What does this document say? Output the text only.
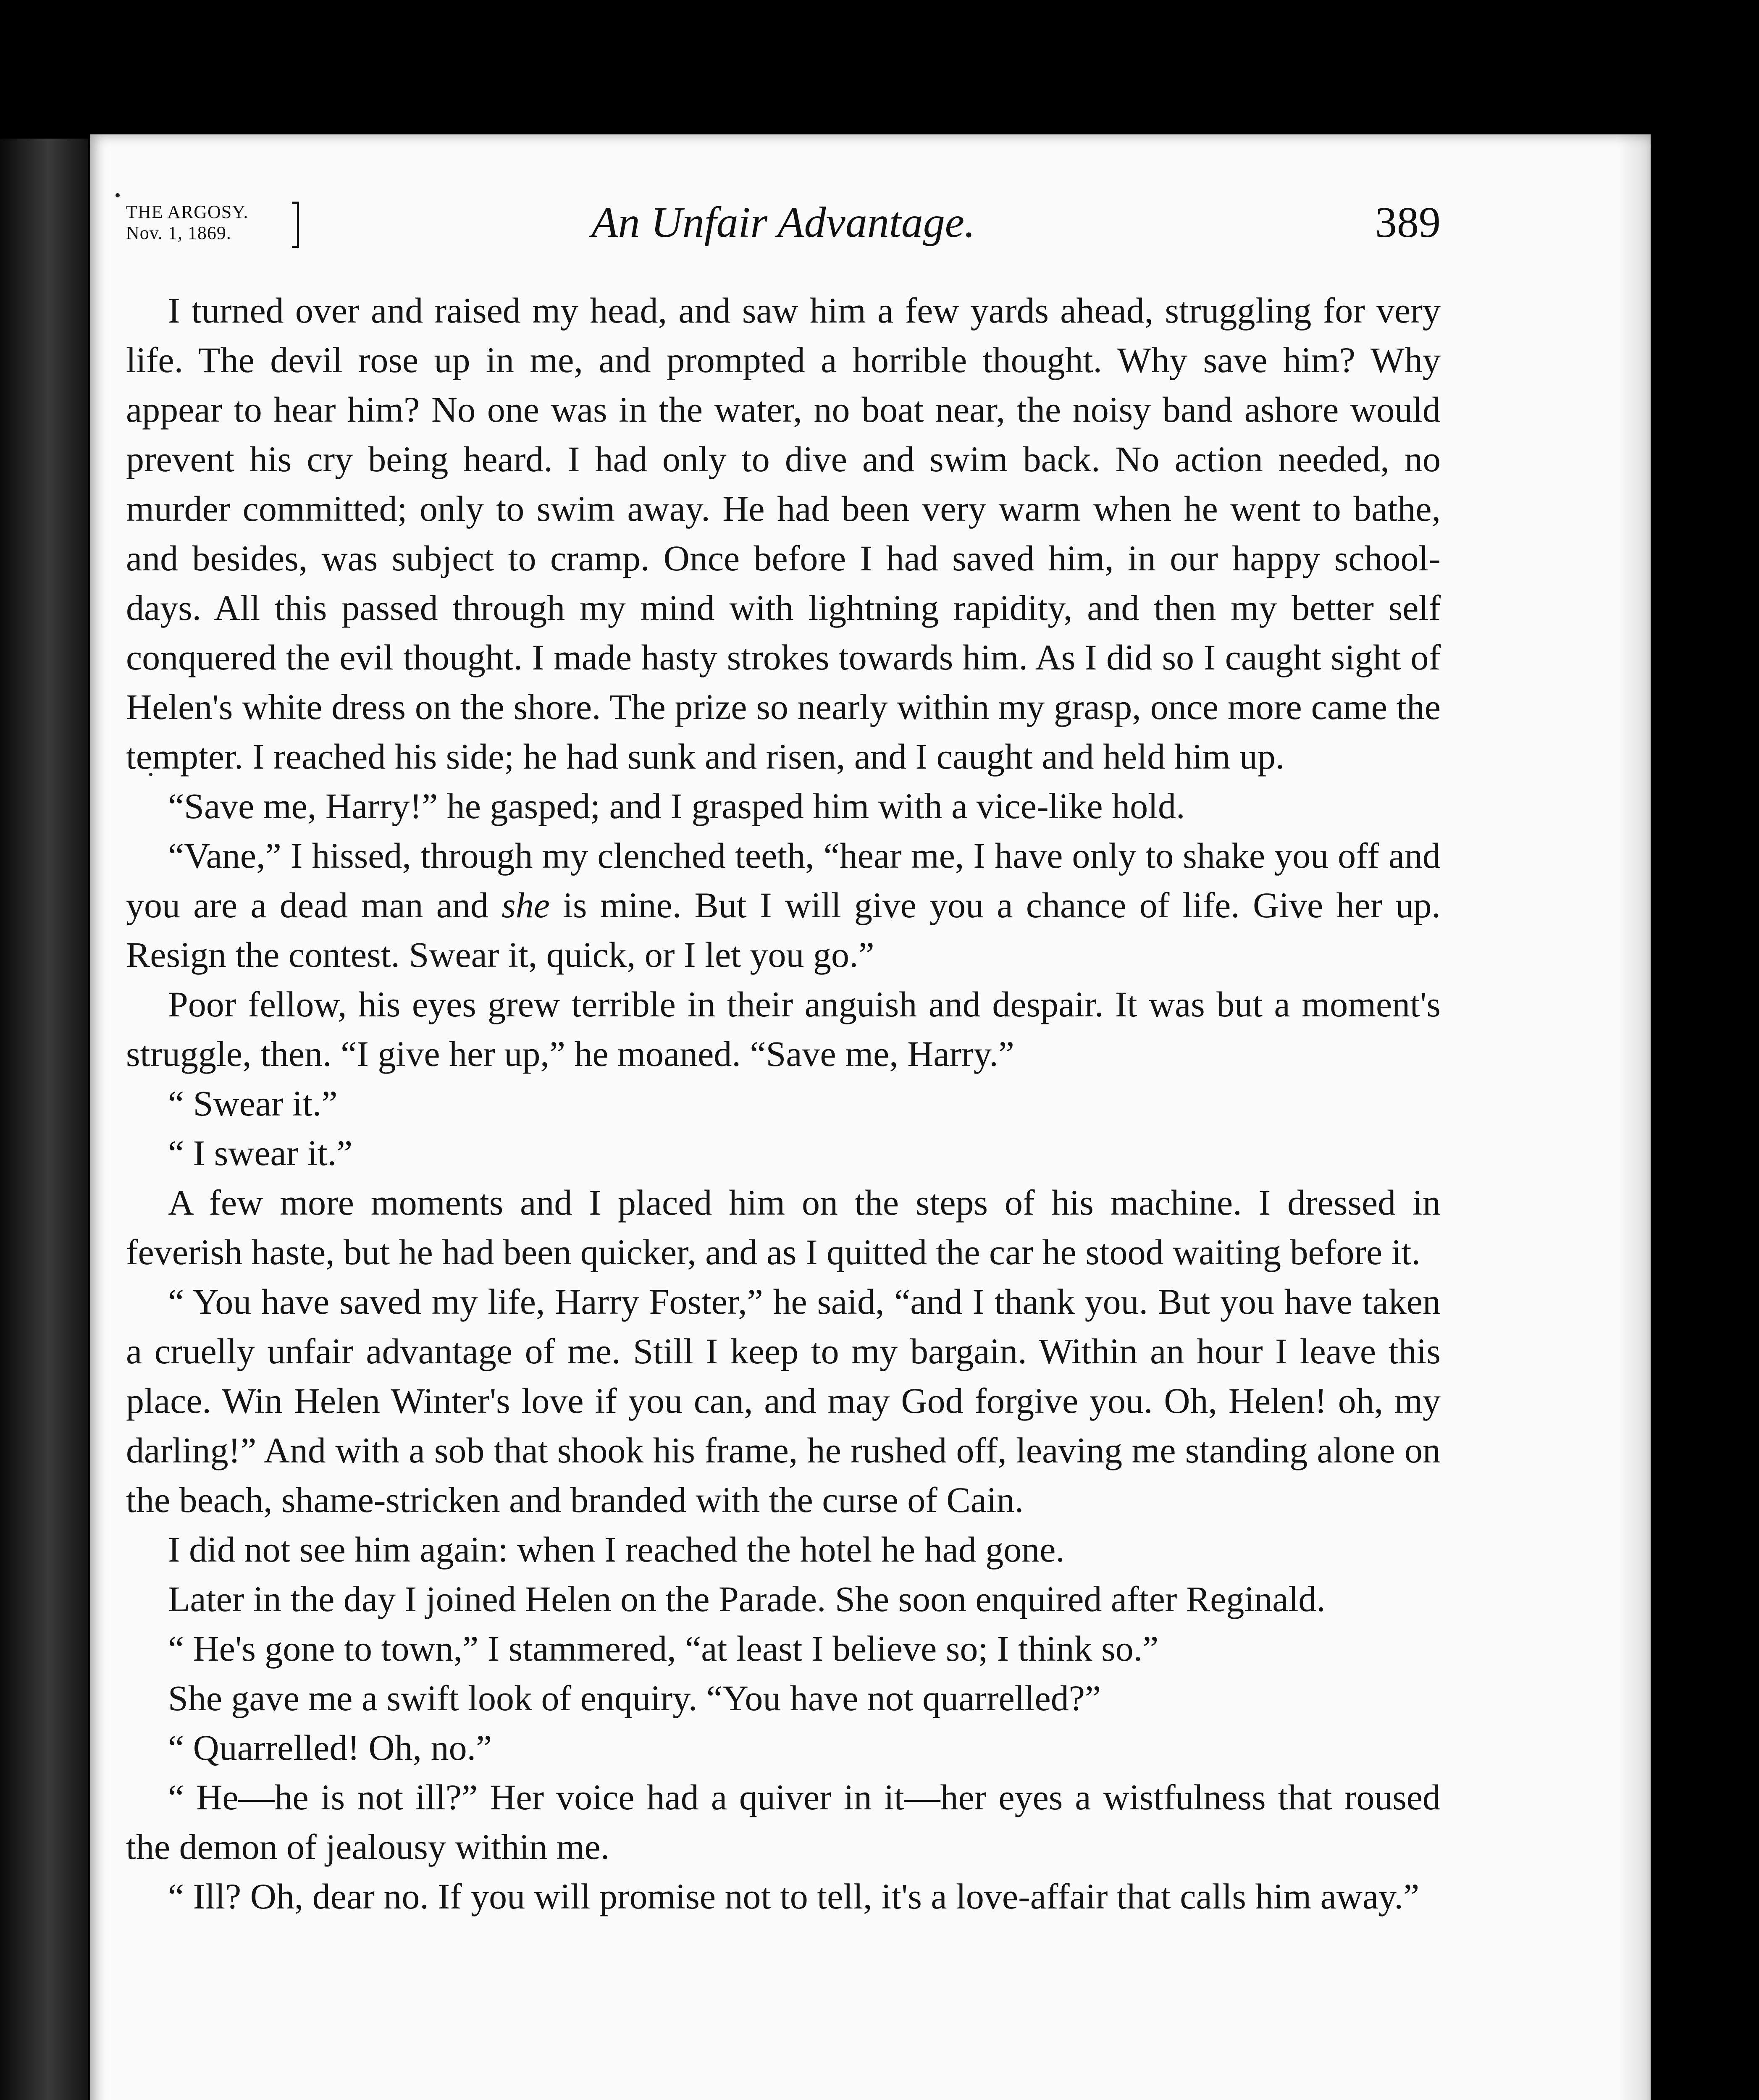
THE ARGOSY.
Nov. 1, 1869.	An Unfair Advantage.	389

I turned over and raised my head, and saw him a few yards ahead, struggling for very life. The devil rose up in me, and prompted a horrible thought. Why save him? Why appear to hear him? No one was in the water, no boat near, the noisy band ashore would prevent his cry being heard. I had only to dive and swim back. No action needed, no murder committed; only to swim away. He had been very warm when he went to bathe, and besides, was subject to cramp. Once before I had saved him, in our happy school-days. All this passed through my mind with lightning rapidity, and then my better self conquered the evil thought. I made hasty strokes towards him. As I did so I caught sight of Helen's white dress on the shore. The prize so nearly within my grasp, once more came the tempter. I reached his side; he had sunk and risen, and I caught and held him up.

“Save me, Harry!” he gasped; and I grasped him with a vice-like hold.

“Vane,” I hissed, through my clenched teeth, “hear me, I have only to shake you off and you are a dead man and she is mine. But I will give you a chance of life. Give her up. Resign the contest. Swear it, quick, or I let you go.”

Poor fellow, his eyes grew terrible in their anguish and despair. It was but a moment's struggle, then. “I give her up,” he moaned. “Save me, Harry.”

“ Swear it.”

“ I swear it.”

A few more moments and I placed him on the steps of his machine. I dressed in feverish haste, but he had been quicker, and as I quitted the car he stood waiting before it.

“ You have saved my life, Harry Foster,” he said, “and I thank you. But you have taken a cruelly unfair advantage of me. Still I keep to my bargain. Within an hour I leave this place. Win Helen Winter's love if you can, and may God forgive you. Oh, Helen! oh, my darling!” And with a sob that shook his frame, he rushed off, leaving me standing alone on the beach, shame-stricken and branded with the curse of Cain.

I did not see him again: when I reached the hotel he had gone.

Later in the day I joined Helen on the Parade. She soon enquired after Reginald.

“ He's gone to town,” I stammered, “at least I believe so; I think so.”

She gave me a swift look of enquiry. “You have not quarrelled?”

“ Quarrelled! Oh, no.”

“ He—he is not ill?” Her voice had a quiver in it—her eyes a wistfulness that roused the demon of jealousy within me.

“ Ill? Oh, dear no. If you will promise not to tell, it's a love-affair that calls him away.”
